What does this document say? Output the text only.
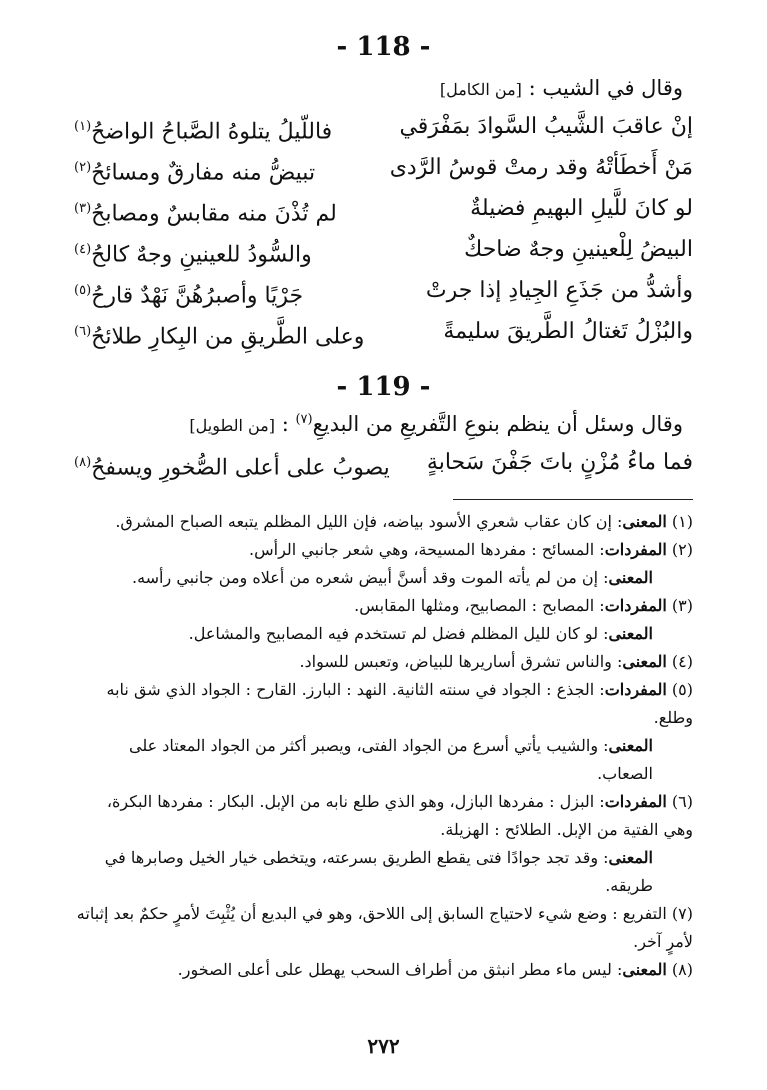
- 118 -
وقال في الشيب : [من الكامل]
إنْ عاقبَ الشَّيبُ السَّوادَ بمَفْرَقي
فاللّيلُ يتلوهُ الصَّباحُ الواضحُ$^{(١)}$
مَنْ أَخطَأتْهُ وقد رمتْ قوسُ الرَّدى
تبيضُّ منه مفارقٌ ومسائحُ$^{(٢)}$
لو كانَ للَّيلِ البهيمِ فضيلةٌ
لم تُذْنَ منه مقابسٌ ومصابحُ$^{(٣)}$
البيضُ لِلْعينينِ وجهٌ ضاحكٌ
والسُّودُ للعينينِ وجهٌ كالحُ$^{(٤)}$
وأشدُّ من جَذَعِ الجِيادِ إذا جرتْ
جَرْيًا وأصبرُهُنَّ نَهْدٌ قارحُ$^{(٥)}$
والبُزْلُ تَغتالُ الطَّريقَ سليمةً
وعلى الطَّريقِ من البِكارِ طلائحُ$^{(٦)}$
- 119 -
وقال وسئل أن ينظم بنوعِ التَّفريعِ من البديعِ$^{(٧)}$ : [من الطويل]
فما ماءُ مُزْنٍ باتَ جَفْنَ سَحابةٍ
يصوبُ على أعلى الصُّخورِ ويسفحُ$^{(٨)}$

(١) المعنى: إن كان عقاب شعري الأسود بياضه، فإن الليل المظلم يتبعه الصباح المشرق.

(٢) المفردات: المسائح : مفردها المسيحة، وهي شعر جانبي الرأس.

المعنى: إن من لم يأته الموت وقد أسنَّ أبيض شعره من أعلاه ومن جانبي رأسه.

(٣) المفردات: المصابح : المصابيح، ومثلها المقابس.

المعنى: لو كان لليل المظلم فضل لم تستخدم فيه المصابيح والمشاعل.

(٤) المعنى: والناس تشرق أساريرها للبياض، وتعبس للسواد.

(٥) المفردات: الجذع : الجواد في سنته الثانية. النهد : البارز. القارح : الجواد الذي شق نابه وطلع.

المعنى: والشيب يأتي أسرع من الجواد الفتى، ويصبر أكثر من الجواد المعتاد على الصعاب.

(٦) المفردات: البزل : مفردها البازل، وهو الذي طلع نابه من الإبل. البكار : مفردها البكرة، وهي الفتية من الإبل. الطلائح : الهزيلة.

المعنى: وقد تجد جوادًا فتى يقطع الطريق بسرعته، ويتخطى خيار الخيل وصابرها في طريقه.

(٧) التفريع : وضع شيء لاحتياج السابق إلى اللاحق، وهو في البديع أن يُثْبِتَ لأمرٍ حكمٌ بعد إثباته لأمرٍ آخر.

(٨) المعنى: ليس ماء مطر انبثق من أطراف السحب يهطل على أعلى الصخور.

٢٧٢
